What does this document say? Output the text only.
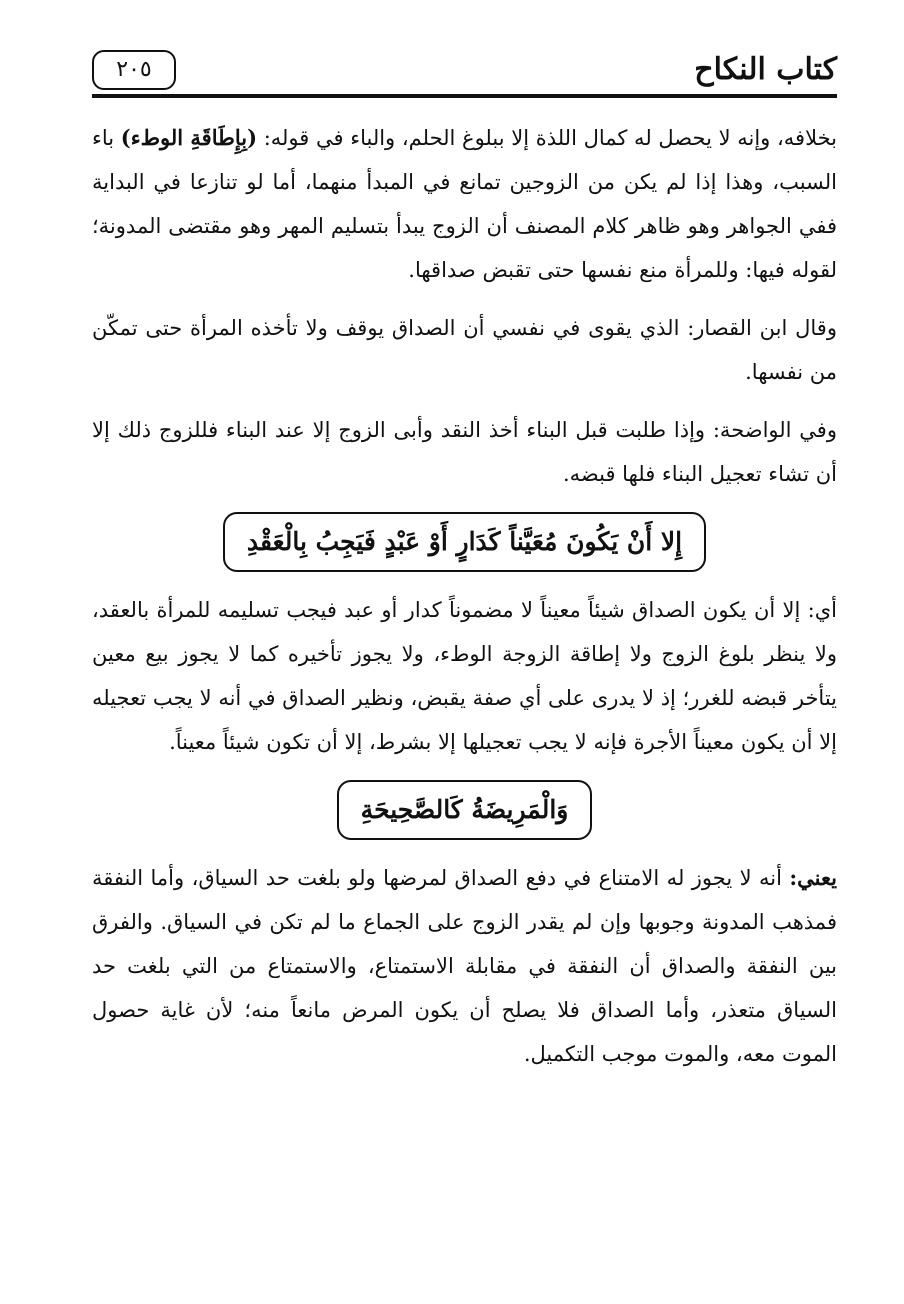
كتاب النكاح
٢٠٥

بخلافه، وإنه لا يحصل له كمال اللذة إلا ببلوغ الحلم، والباء في قوله: (بِإِطَاقَةِ الوطء) باء السبب، وهذا إذا لم يكن من الزوجين تمانع في المبدأ منهما، أما لو تنازعا في البداية ففي الجواهر وهو ظاهر كلام المصنف أن الزوج يبدأ بتسليم المهر وهو مقتضى المدونة؛ لقوله فيها: وللمرأة منع نفسها حتى تقبض صداقها.

وقال ابن القصار: الذي يقوى في نفسي أن الصداق يوقف ولا تأخذه المرأة حتى تمكّن من نفسها.

وفي الواضحة: وإذا طلبت قبل البناء أخذ النقد وأبى الزوج إلا عند البناء فللزوج ذلك إلا أن تشاء تعجيل البناء فلها قبضه.

إِلا أَنْ يَكُونَ مُعَيَّناً كَدَارٍ أَوْ عَبْدٍ فَيَجِبُ بِالْعَقْدِ

أي: إلا أن يكون الصداق شيئاً معيناً لا مضموناً كدار أو عبد فيجب تسليمه للمرأة بالعقد، ولا ينظر بلوغ الزوج ولا إطاقة الزوجة الوطء، ولا يجوز تأخيره كما لا يجوز بيع معين يتأخر قبضه للغرر؛ إذ لا يدرى على أي صفة يقبض، ونظير الصداق في أنه لا يجب تعجيله إلا أن يكون معيناً الأجرة فإنه لا يجب تعجيلها إلا بشرط، إلا أن تكون شيئاً معيناً.

وَالْمَرِيضَةُ كَالصَّحِيحَةِ

يعني: أنه لا يجوز له الامتناع في دفع الصداق لمرضها ولو بلغت حد السياق، وأما النفقة فمذهب المدونة وجوبها وإن لم يقدر الزوج على الجماع ما لم تكن في السياق. والفرق بين النفقة والصداق أن النفقة في مقابلة الاستمتاع، والاستمتاع من التي بلغت حد السياق متعذر، وأما الصداق فلا يصلح أن يكون المرض مانعاً منه؛ لأن غاية حصول الموت معه، والموت موجب التكميل.
